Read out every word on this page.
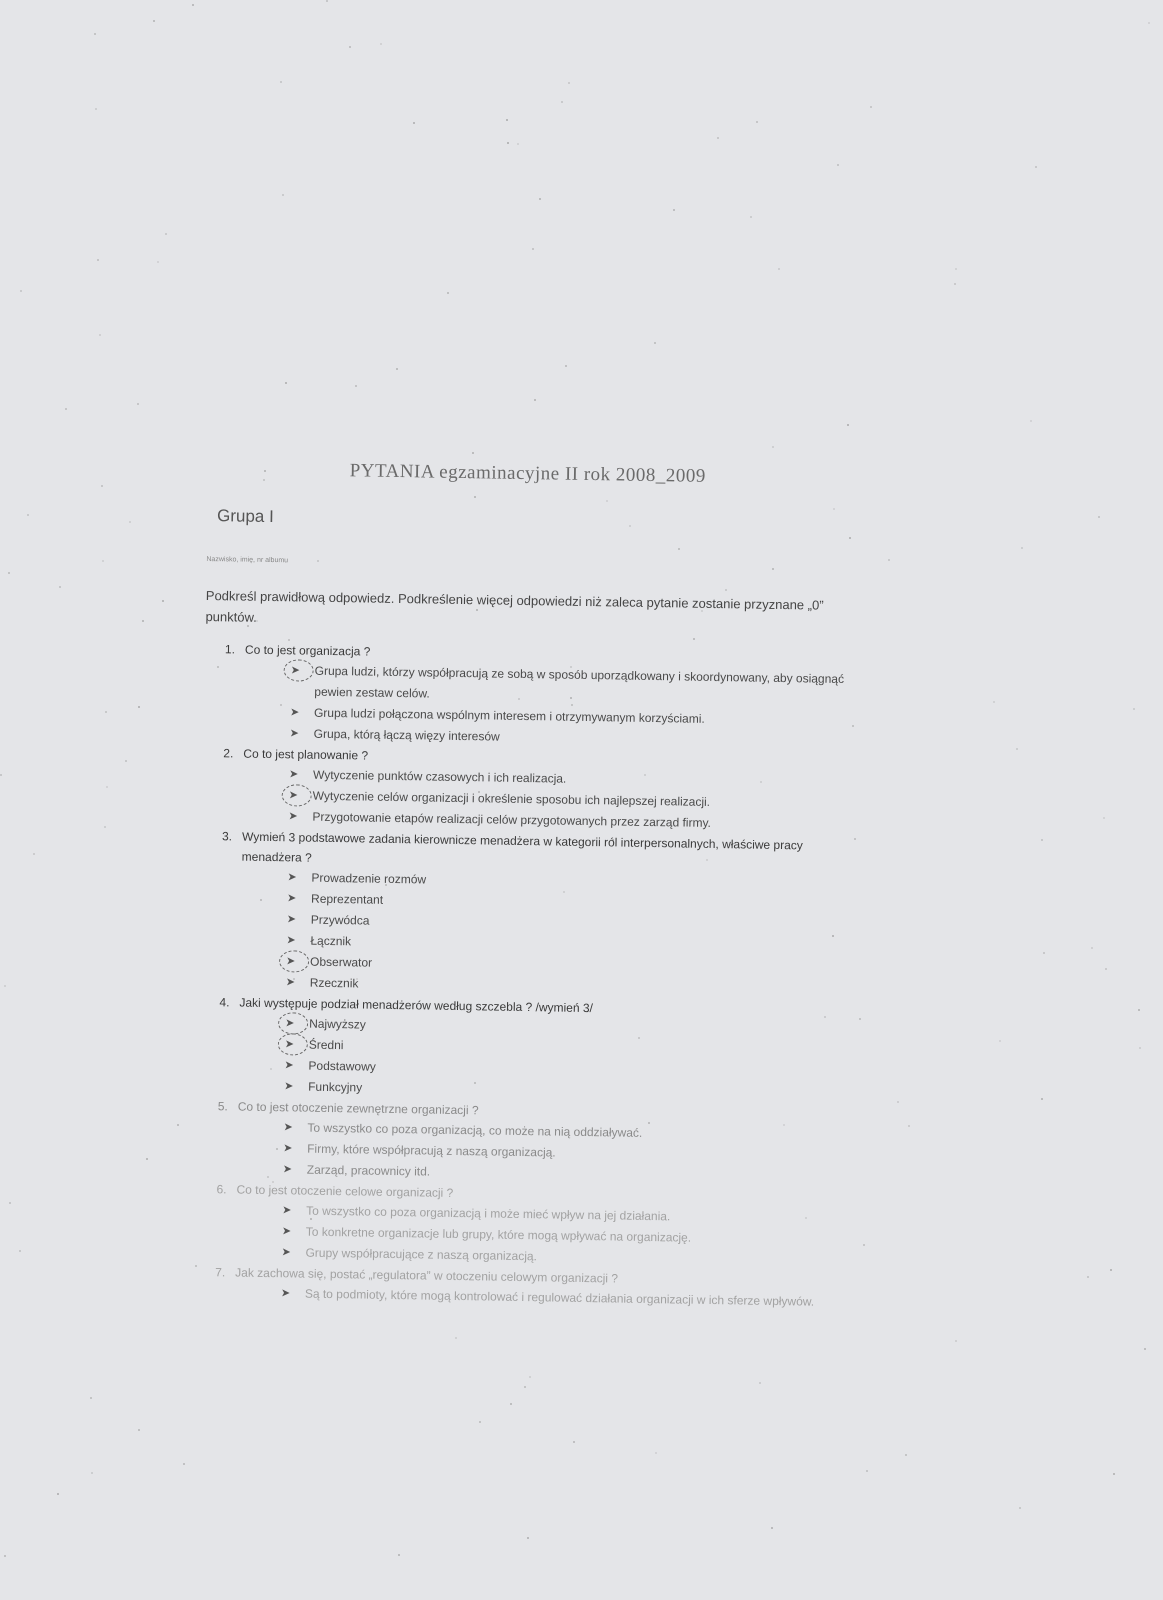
PYTANIA egzaminacyjne II rok 2008_2009
Grupa I
Nazwisko, imię, nr albumu
Podkreśl prawidłową odpowiedz. Podkreślenie więcej odpowiedzi niż zaleca pytanie zostanie przyznane „0” punktów.
1. Co to jest organizacja ?
➤ Grupa ludzi, którzy współpracują ze sobą w sposób uporządkowany i skoordynowany, aby osiągnąć pewien zestaw celów.
➤ Grupa ludzi połączona wspólnym interesem i otrzymywanym korzyściami.
➤ Grupa, którą łączą więzy interesów
2. Co to jest planowanie ?
➤ Wytyczenie punktów czasowych i ich realizacja.
➤ Wytyczenie celów organizacji i określenie sposobu ich najlepszej realizacji.
➤ Przygotowanie etapów realizacji celów przygotowanych przez zarząd firmy.
3. Wymień 3 podstawowe zadania kierownicze menadżera w kategorii ról interpersonalnych, właściwe pracy menadżera ?
➤ Prowadzenie rozmów
➤ Reprezentant
➤ Przywódca
➤ Łącznik
➤ Obserwator
➤ Rzecznik
4. Jaki występuje podział menadżerów według szczebla ? /wymień 3/
➤ Najwyższy
➤ Średni
➤ Podstawowy
➤ Funkcyjny
5. Co to jest otoczenie zewnętrzne organizacji ?
➤ To wszystko co poza organizacją, co może na nią oddziaływać.
➤ Firmy, które współpracują z naszą organizacją.
➤ Zarząd, pracownicy itd.
6. Co to jest otoczenie celowe organizacji ?
➤ To wszystko co poza organizacją i może mieć wpływ na jej działania.
➤ To konkretne organizacje lub grupy, które mogą wpływać na organizację.
➤ Grupy współpracujące z naszą organizacją.
7. Jak zachowa się, postać „regulatora” w otoczeniu celowym organizacji ?
➤ Są to podmioty, które mogą kontrolować i regulować działania organizacji w ich sferze wpływów.
